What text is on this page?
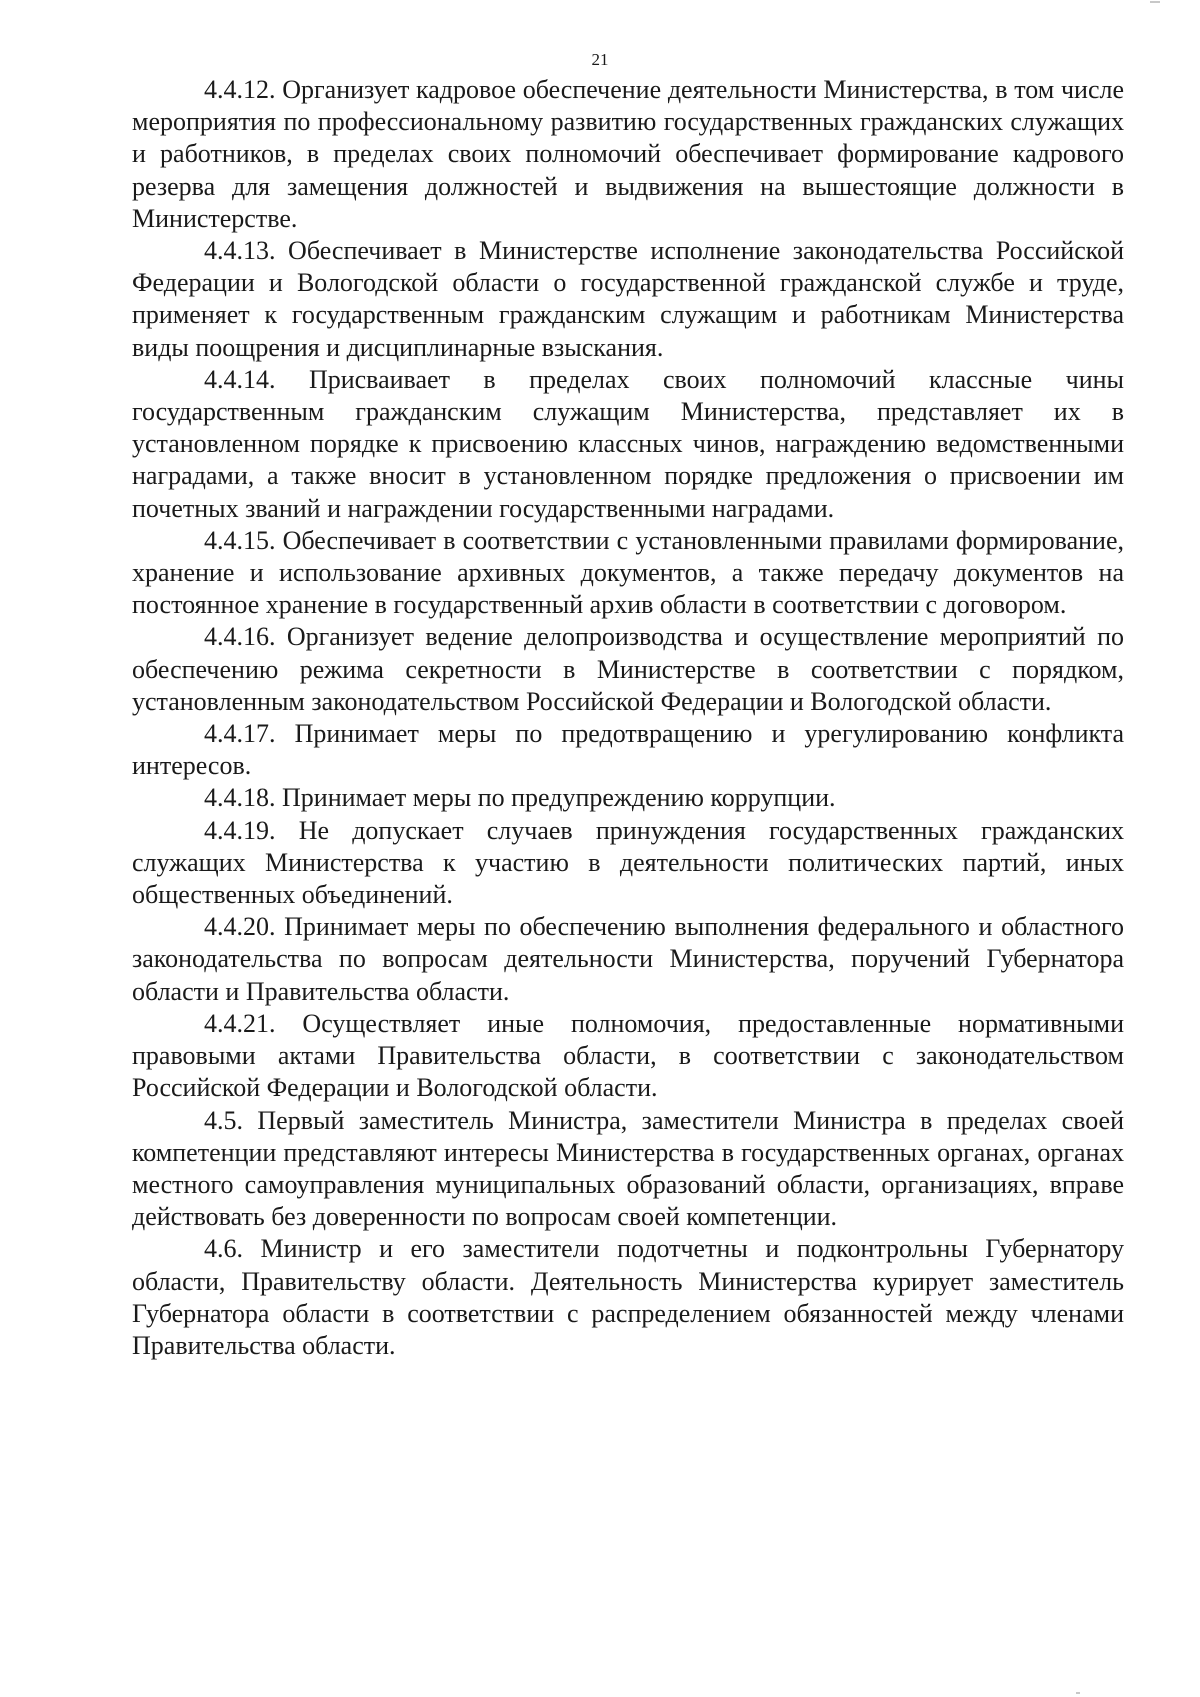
21

4.4.12. Организует кадровое обеспечение деятельности Министерства, в том числе мероприятия по профессиональному развитию государственных гражданских служащих и работников, в пределах своих полномочий обеспечивает формирование кадрового резерва для замещения должностей и выдвижения на вышестоящие должности в Министерстве.

4.4.13. Обеспечивает в Министерстве исполнение законодательства Российской Федерации и Вологодской области о государственной гражданской службе и труде, применяет к государственным гражданским служащим и работникам Министерства виды поощрения и дисциплинарные взыскания.

4.4.14. Присваивает в пределах своих полномочий классные чины государственным гражданским служащим Министерства, представляет их в установленном порядке к присвоению классных чинов, награждению ведомственными наградами, а также вносит в установленном порядке предложения о присвоении им почетных званий и награждении государственными наградами.

4.4.15. Обеспечивает в соответствии с установленными правилами формирование, хранение и использование архивных документов, а также передачу документов на постоянное хранение в государственный архив области в соответствии с договором.

4.4.16. Организует ведение делопроизводства и осуществление мероприятий по обеспечению режима секретности в Министерстве в соответствии с порядком, установленным законодательством Российской Федерации и Вологодской области.

4.4.17. Принимает меры по предотвращению и урегулированию конфликта интересов.

4.4.18. Принимает меры по предупреждению коррупции.

4.4.19. Не допускает случаев принуждения государственных гражданских служащих Министерства к участию в деятельности политических партий, иных общественных объединений.

4.4.20. Принимает меры по обеспечению выполнения федерального и областного законодательства по вопросам деятельности Министерства, поручений Губернатора области и Правительства области.

4.4.21. Осуществляет иные полномочия, предоставленные нормативными правовыми актами Правительства области, в соответствии с законодательством Российской Федерации и Вологодской области.

4.5. Первый заместитель Министра, заместители Министра в пределах своей компетенции представляют интересы Министерства в государственных органах, органах местного самоуправления муниципальных образований области, организациях, вправе действовать без доверенности по вопросам своей компетенции.

4.6. Министр и его заместители подотчетны и подконтрольны Губернатору области, Правительству области. Деятельность Министерства курирует заместитель Губернатора области в соответствии с распределением обязанностей между членами Правительства области.
